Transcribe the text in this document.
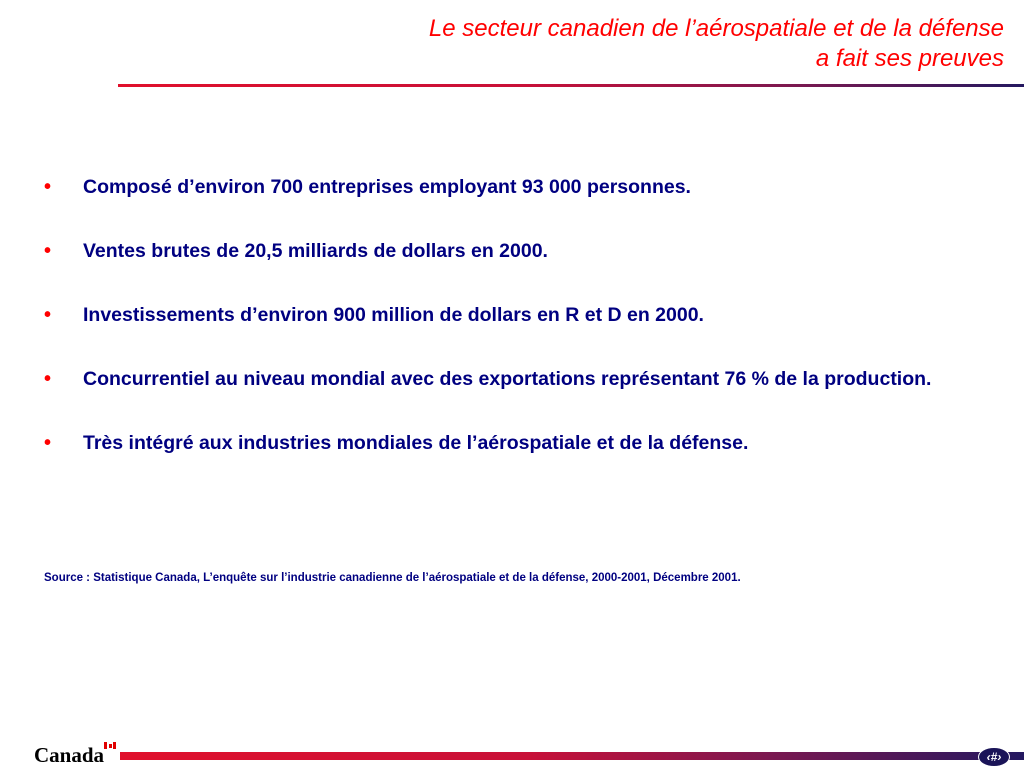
Le secteur canadien de l’aérospatiale et de la défense
a fait ses preuves
• Composé d’environ 700 entreprises employant 93 000 personnes.
• Ventes brutes de 20,5 milliards de dollars en 2000.
• Investissements d’environ 900 million de dollars en R et D en 2000.
• Concurrentiel au niveau mondial avec des exportations représentant 76 % de la production.
• Très intégré aux industries mondiales de l’aérospatiale et de la défense.
Source : Statistique Canada, L’enquête sur l’industrie canadienne de l’aérospatiale et de la défense, 2000-2001, Décembre 2001.
Canada	‹#›
